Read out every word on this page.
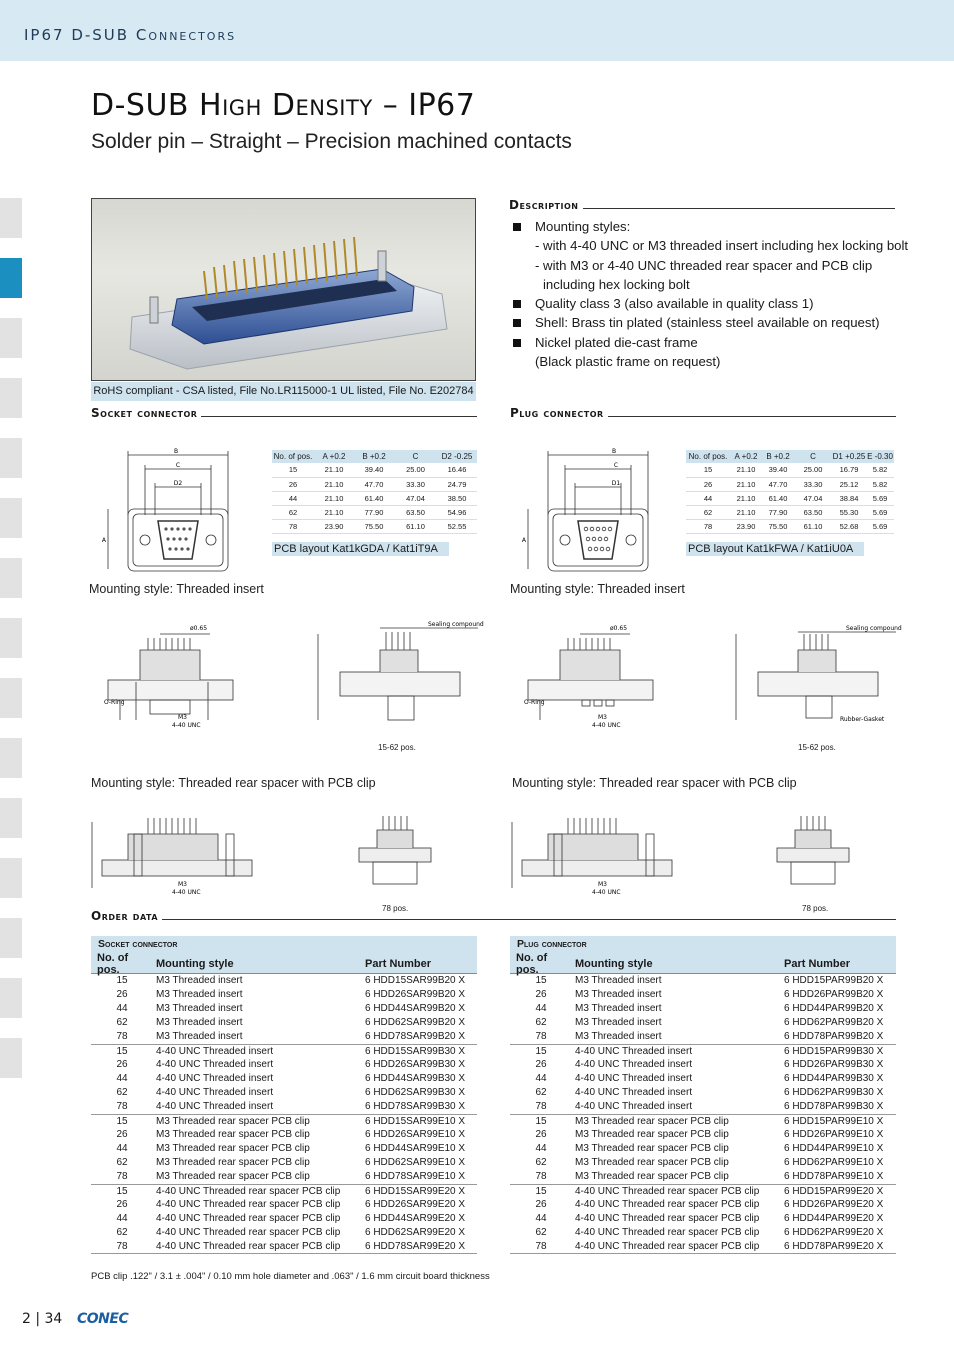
IP67 D-SUB Connectors
D-SUB High Density – IP67
Solder pin – Straight – Precision machined contacts
RoHS compliant - CSA listed, File No.LR115000-1 UL listed, File No. E202784
Description
Mounting styles:
- with 4-40 UNC or M3 threaded insert including hex locking bolt
- with M3 or 4-40 UNC threaded rear spacer and PCB clip
including hex locking bolt
Quality class 3 (also available in quality class 1)
Shell: Brass tin plated (stainless steel available on request)
Nickel plated die-cast frame
(Black plastic frame on request)
Socket connector	Plug connector
B
C
D2
A
B
C
D1
A
No. of pos.	A +0.2	B +0.2	C	D2 -0.25
15	21.10	39.40	25.00	16.46
26	21.10	47.70	33.30	24.79
44	21.10	61.40	47.04	38.50
62	21.10	77.90	63.50	54.96
78	23.90	75.50	61.10	52.55
PCB layout Kat1kGDA / Kat1iT9A
No. of pos.	A +0.2	B +0.2	C	D1 +0.25	E -0.30
15	21.10	39.40	25.00	16.79	5.82
26	21.10	47.70	33.30	25.12	5.82
44	21.10	61.40	47.04	38.84	5.69
62	21.10	77.90	63.50	55.30	5.69
78	23.90	75.50	61.10	52.68	5.69
PCB layout Kat1kFWA / Kat1iU0A
Mounting style: Threaded insert	Mounting style: Threaded insert
ø0.65
O-Ring
M3
4-40 UNC
Sealing compound
15-62 pos.
ø0.65
O-Ring
M3
4-40 UNC
Sealing compound
Rubber-Gasket
15-62 pos.
Mounting style: Threaded rear spacer with PCB clip	Mounting style: Threaded rear spacer with PCB clip
M3
4-40 UNC
78 pos.
M3
4-40 UNC
78 pos.
Order data
Socket connector
No. of pos.	Mounting style	Part Number
15	M3 Threaded insert	6 HDD15SAR99B20 X
26	M3 Threaded insert	6 HDD26SAR99B20 X
44	M3 Threaded insert	6 HDD44SAR99B20 X
62	M3 Threaded insert	6 HDD62SAR99B20 X
78	M3 Threaded insert	6 HDD78SAR99B20 X
15	4-40 UNC Threaded insert	6 HDD15SAR99B30 X
26	4-40 UNC Threaded insert	6 HDD26SAR99B30 X
44	4-40 UNC Threaded insert	6 HDD44SAR99B30 X
62	4-40 UNC Threaded insert	6 HDD62SAR99B30 X
78	4-40 UNC Threaded insert	6 HDD78SAR99B30 X
15	M3 Threaded rear spacer PCB clip	6 HDD15SAR99E10 X
26	M3 Threaded rear spacer PCB clip	6 HDD26SAR99E10 X
44	M3 Threaded rear spacer PCB clip	6 HDD44SAR99E10 X
62	M3 Threaded rear spacer PCB clip	6 HDD62SAR99E10 X
78	M3 Threaded rear spacer PCB clip	6 HDD78SAR99E10 X
15	4-40 UNC Threaded rear spacer PCB clip	6 HDD15SAR99E20 X
26	4-40 UNC Threaded rear spacer PCB clip	6 HDD26SAR99E20 X
44	4-40 UNC Threaded rear spacer PCB clip	6 HDD44SAR99E20 X
62	4-40 UNC Threaded rear spacer PCB clip	6 HDD62SAR99E20 X
78	4-40 UNC Threaded rear spacer PCB clip	6 HDD78SAR99E20 X
Plug connector
No. of pos.	Mounting style	Part Number
15	M3 Threaded insert	6 HDD15PAR99B20 X
26	M3 Threaded insert	6 HDD26PAR99B20 X
44	M3 Threaded insert	6 HDD44PAR99B20 X
62	M3 Threaded insert	6 HDD62PAR99B20 X
78	M3 Threaded insert	6 HDD78PAR99B20 X
15	4-40 UNC Threaded insert	6 HDD15PAR99B30 X
26	4-40 UNC Threaded insert	6 HDD26PAR99B30 X
44	4-40 UNC Threaded insert	6 HDD44PAR99B30 X
62	4-40 UNC Threaded insert	6 HDD62PAR99B30 X
78	4-40 UNC Threaded insert	6 HDD78PAR99B30 X
15	M3 Threaded rear spacer PCB clip	6 HDD15PAR99E10 X
26	M3 Threaded rear spacer PCB clip	6 HDD26PAR99E10 X
44	M3 Threaded rear spacer PCB clip	6 HDD44PAR99E10 X
62	M3 Threaded rear spacer PCB clip	6 HDD62PAR99E10 X
78	M3 Threaded rear spacer PCB clip	6 HDD78PAR99E10 X
15	4-40 UNC Threaded rear spacer PCB clip	6 HDD15PAR99E20 X
26	4-40 UNC Threaded rear spacer PCB clip	6 HDD26PAR99E20 X
44	4-40 UNC Threaded rear spacer PCB clip	6 HDD44PAR99E20 X
62	4-40 UNC Threaded rear spacer PCB clip	6 HDD62PAR99E20 X
78	4-40 UNC Threaded rear spacer PCB clip	6 HDD78PAR99E20 X
PCB clip .122" / 3.1 ± .004" / 0.10 mm hole diameter and .063" / 1.6 mm circuit board thickness
2 | 34 CONEC
